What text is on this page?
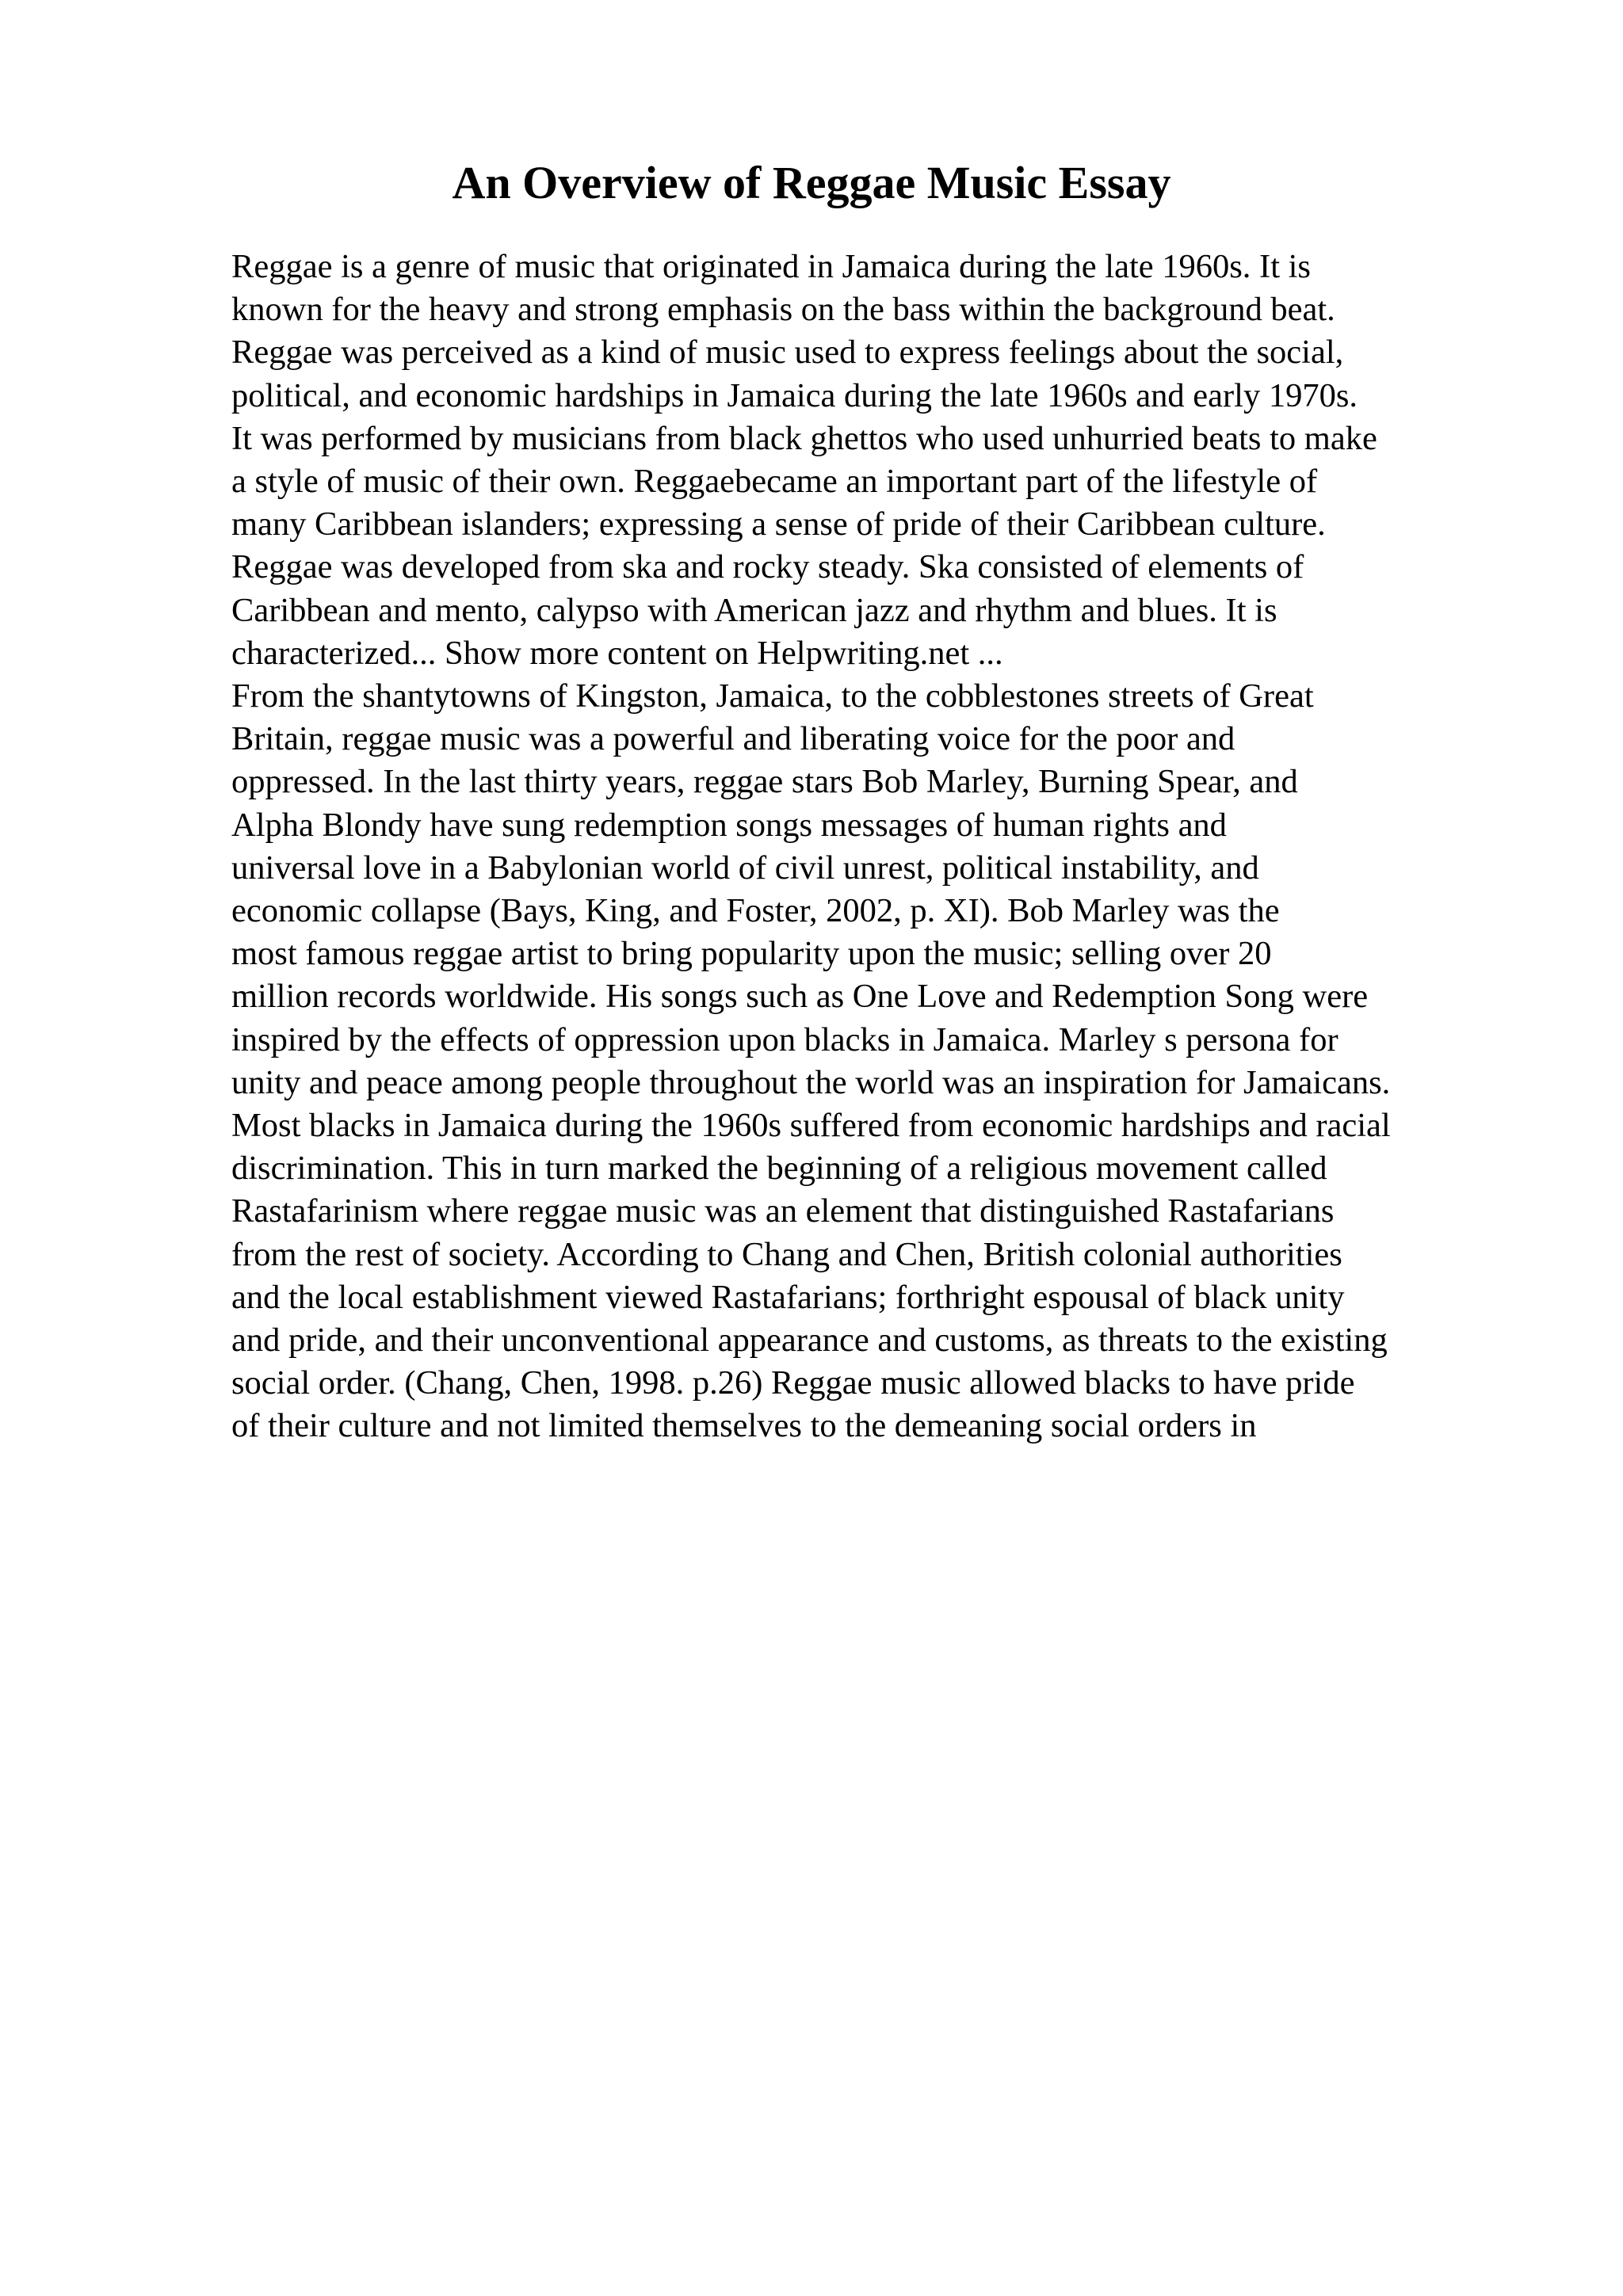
An Overview of Reggae Music Essay
Reggae is a genre of music that originated in Jamaica during the late 1960s. It is
known for the heavy and strong emphasis on the bass within the background beat.
Reggae was perceived as a kind of music used to express feelings about the social,
political, and economic hardships in Jamaica during the late 1960s and early 1970s.
It was performed by musicians from black ghettos who used unhurried beats to make
a style of music of their own. Reggaebecame an important part of the lifestyle of
many Caribbean islanders; expressing a sense of pride of their Caribbean culture.
Reggae was developed from ska and rocky steady. Ska consisted of elements of
Caribbean and mento, calypso with American jazz and rhythm and blues. It is
characterized... Show more content on Helpwriting.net ...
From the shantytowns of Kingston, Jamaica, to the cobblestones streets of Great
Britain, reggae music was a powerful and liberating voice for the poor and
oppressed. In the last thirty years, reggae stars Bob Marley, Burning Spear, and
Alpha Blondy have sung redemption songs messages of human rights and
universal love in a Babylonian world of civil unrest, political instability, and
economic collapse (Bays, King, and Foster, 2002, p. XI). Bob Marley was the
most famous reggae artist to bring popularity upon the music; selling over 20
million records worldwide. His songs such as One Love and Redemption Song were
inspired by the effects of oppression upon blacks in Jamaica. Marley s persona for
unity and peace among people throughout the world was an inspiration for Jamaicans.
Most blacks in Jamaica during the 1960s suffered from economic hardships and racial
discrimination. This in turn marked the beginning of a religious movement called
Rastafarinism where reggae music was an element that distinguished Rastafarians
from the rest of society. According to Chang and Chen, British colonial authorities
and the local establishment viewed Rastafarians; forthright espousal of black unity
and pride, and their unconventional appearance and customs, as threats to the existing
social order. (Chang, Chen, 1998. p.26) Reggae music allowed blacks to have pride
of their culture and not limited themselves to the demeaning social orders in
